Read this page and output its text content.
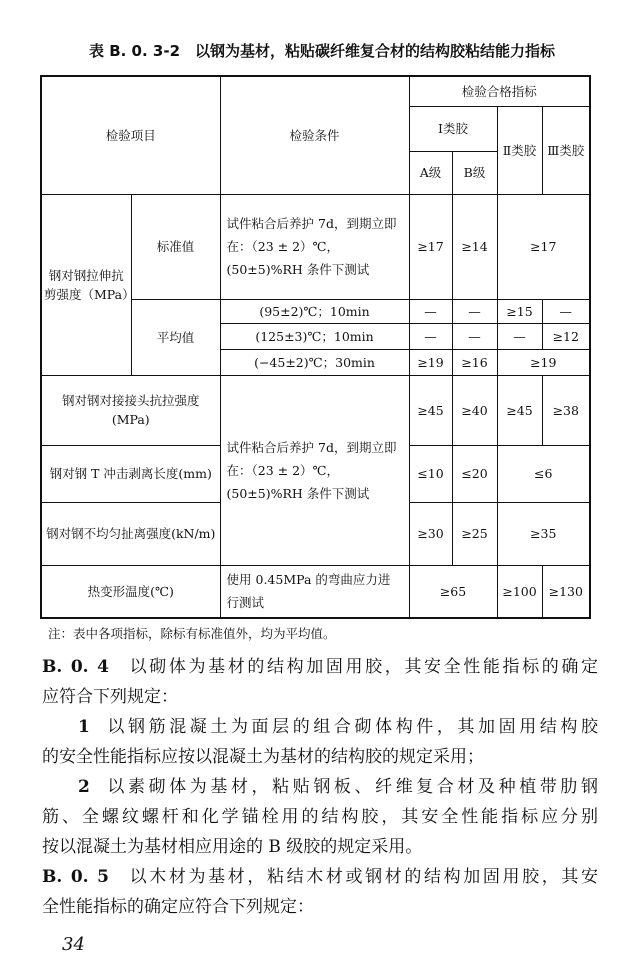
表 B. 0. 3-2　以钢为基材，粘贴碳纤维复合材的结构胶粘结能力指标
检验项目		检验条件	检验合格指标			
			Ⅰ类胶		Ⅱ类胶	Ⅲ类胶
			A级	B级		
钢对钢拉伸抗剪强度（MPa）	标准值	试件粘合后养护 7d，到期立即在：（23 ± 2）℃，(50±5)%RH 条件下测试	≥17	≥14	≥17	
	平均值	(95±2)℃；10min	—	—	≥15	—
		(125±3)℃；10min	—	—	—	≥12
		(−45±2)℃；30min	≥19	≥16	≥19	
钢对钢对接接头抗拉强度(MPa)		试件粘合后养护 7d，到期立即在：（23 ± 2）℃，(50±5)%RH 条件下测试	≥45	≥40	≥45	≥38
钢对钢 T 冲击剥离长度(mm)			≤10	≤20	≤6	
钢对钢不均匀扯离强度(kN/m)			≥30	≥25	≥35	
热变形温度(℃)		使用 0.45MPa 的弯曲应力进行测试	≥65		≥100	≥130
注：表中各项指标，除标有标准值外，均为平均值。
B. 0. 4 以砌体为基材的结构加固用胶，其安全性能指标的确定
应符合下列规定：
1 以钢筋混凝土为面层的组合砌体构件，其加固用结构胶
的安全性能指标应按以混凝土为基材的结构胶的规定采用；
2 以素砌体为基材，粘贴钢板、纤维复合材及种植带肋钢
筋、全螺纹螺杆和化学锚栓用的结构胶，其安全性能指标应分别
按以混凝土为基材相应用途的 B 级胶的规定采用。
B. 0. 5 以木材为基材，粘结木材或钢材的结构加固用胶，其安
全性能指标的确定应符合下列规定：
34
